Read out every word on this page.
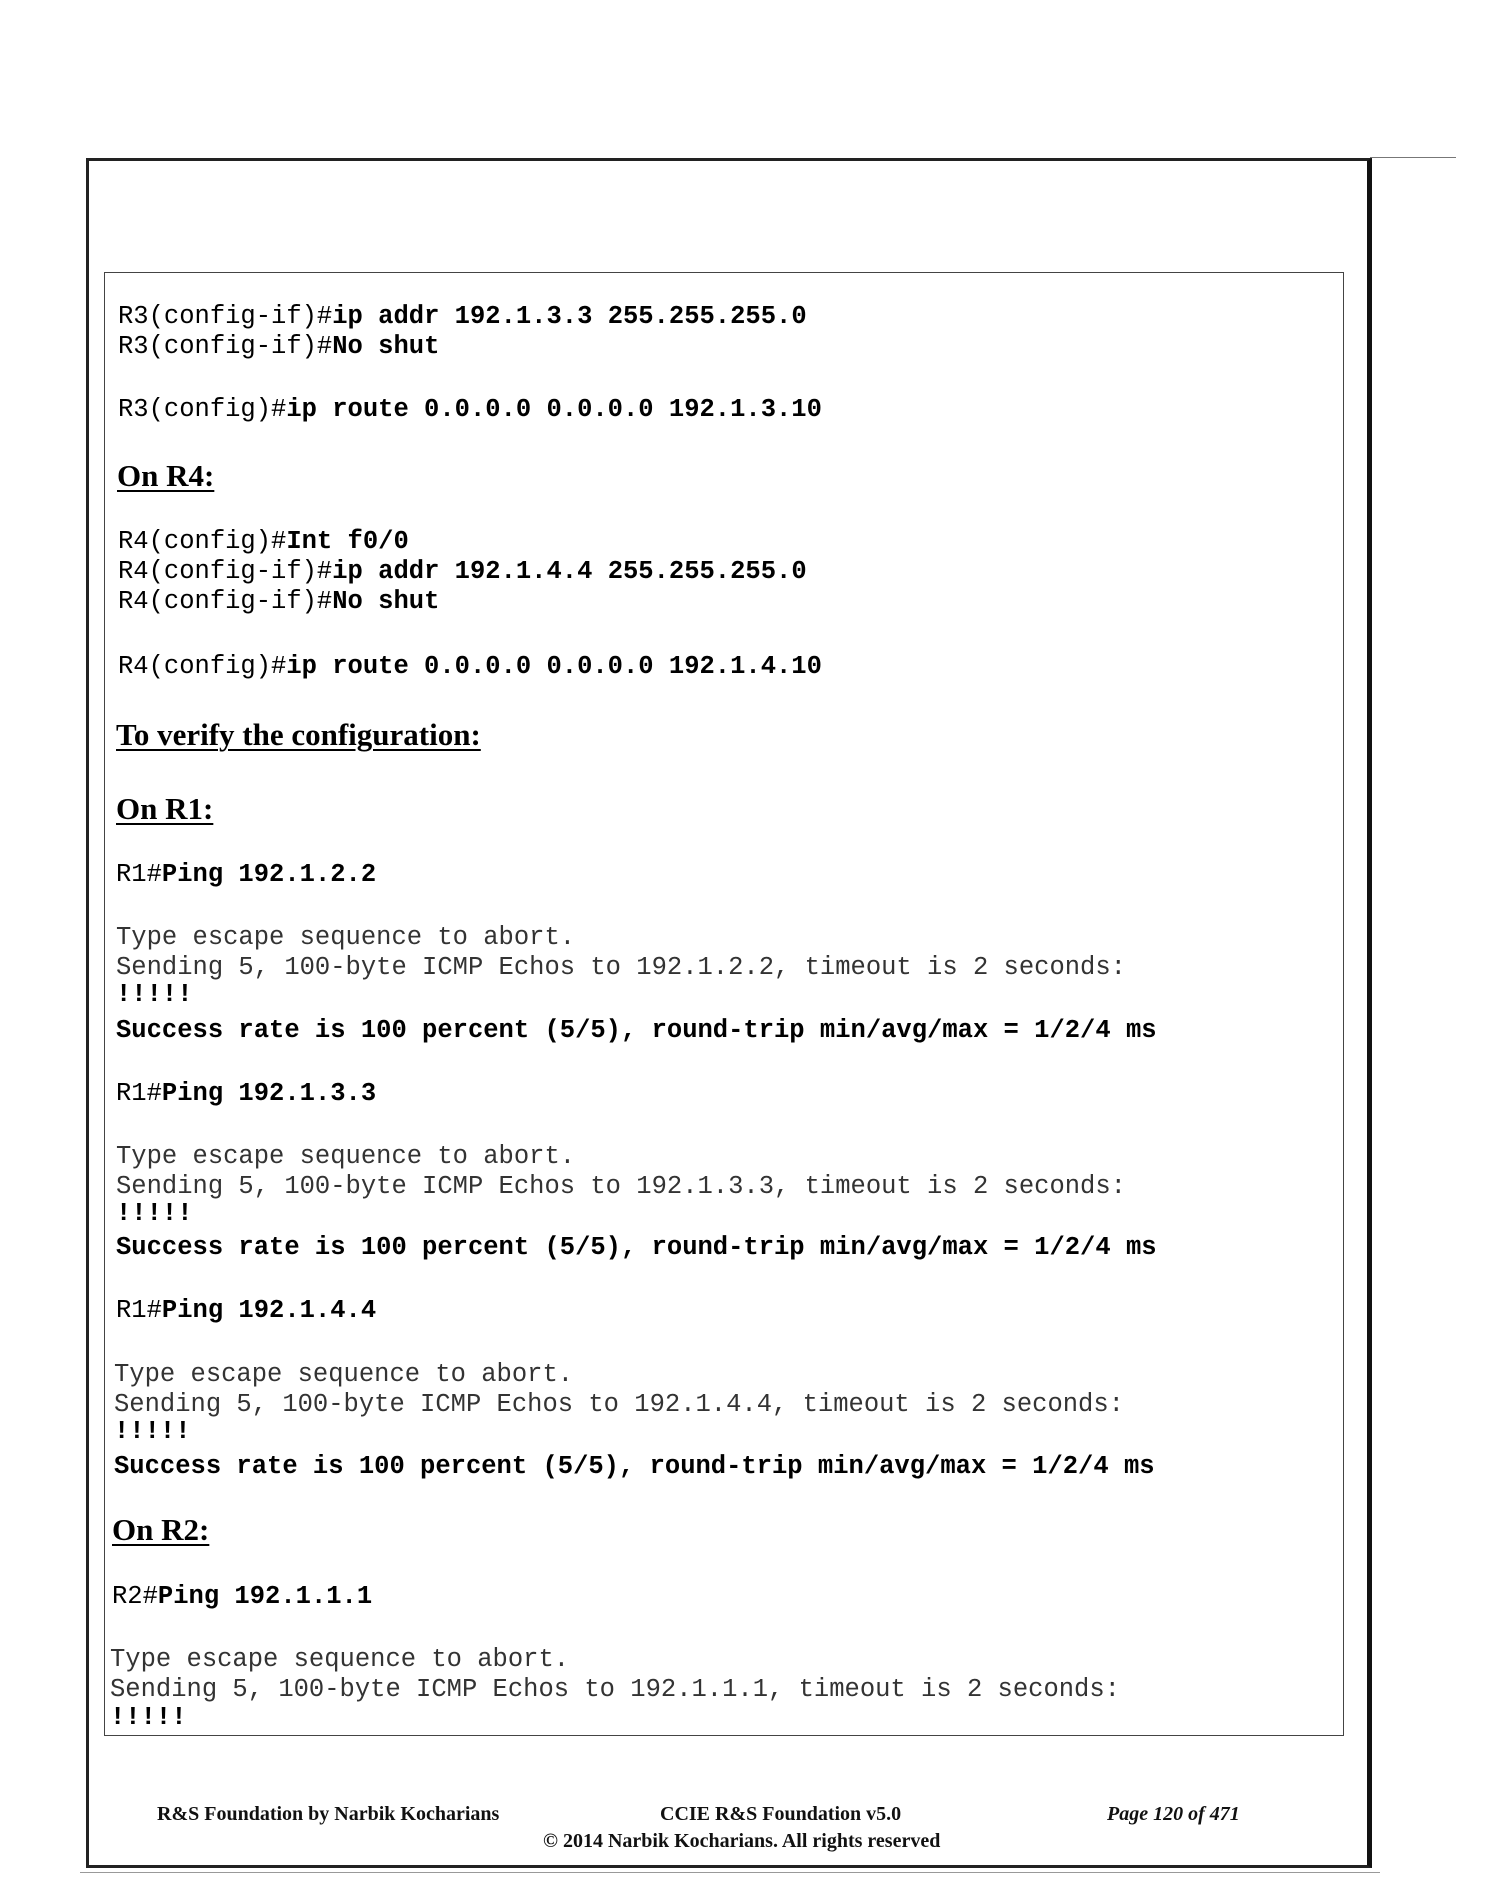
R3(config-if)#ip addr 192.1.3.3 255.255.255.0
R3(config-if)#No shut
R3(config)#ip route 0.0.0.0 0.0.0.0 192.1.3.10
On R4:
R4(config)#Int f0/0
R4(config-if)#ip addr 192.1.4.4 255.255.255.0
R4(config-if)#No shut
R4(config)#ip route 0.0.0.0 0.0.0.0 192.1.4.10
To verify the configuration:
On R1:
R1#Ping 192.1.2.2
Type escape sequence to abort.
Sending 5, 100-byte ICMP Echos to 192.1.2.2, timeout is 2 seconds:
!!!!!
Success rate is 100 percent (5/5), round-trip min/avg/max = 1/2/4 ms
R1#Ping 192.1.3.3
Type escape sequence to abort.
Sending 5, 100-byte ICMP Echos to 192.1.3.3, timeout is 2 seconds:
!!!!!
Success rate is 100 percent (5/5), round-trip min/avg/max = 1/2/4 ms
R1#Ping 192.1.4.4
Type escape sequence to abort.
Sending 5, 100-byte ICMP Echos to 192.1.4.4, timeout is 2 seconds:
!!!!!
Success rate is 100 percent (5/5), round-trip min/avg/max = 1/2/4 ms
On R2:
R2#Ping 192.1.1.1
Type escape sequence to abort.
Sending 5, 100-byte ICMP Echos to 192.1.1.1, timeout is 2 seconds:
!!!!!
R&S Foundation by Narbik Kocharians	CCIE R&S Foundation v5.0	Page 120 of 471
© 2014 Narbik Kocharians. All rights reserved
